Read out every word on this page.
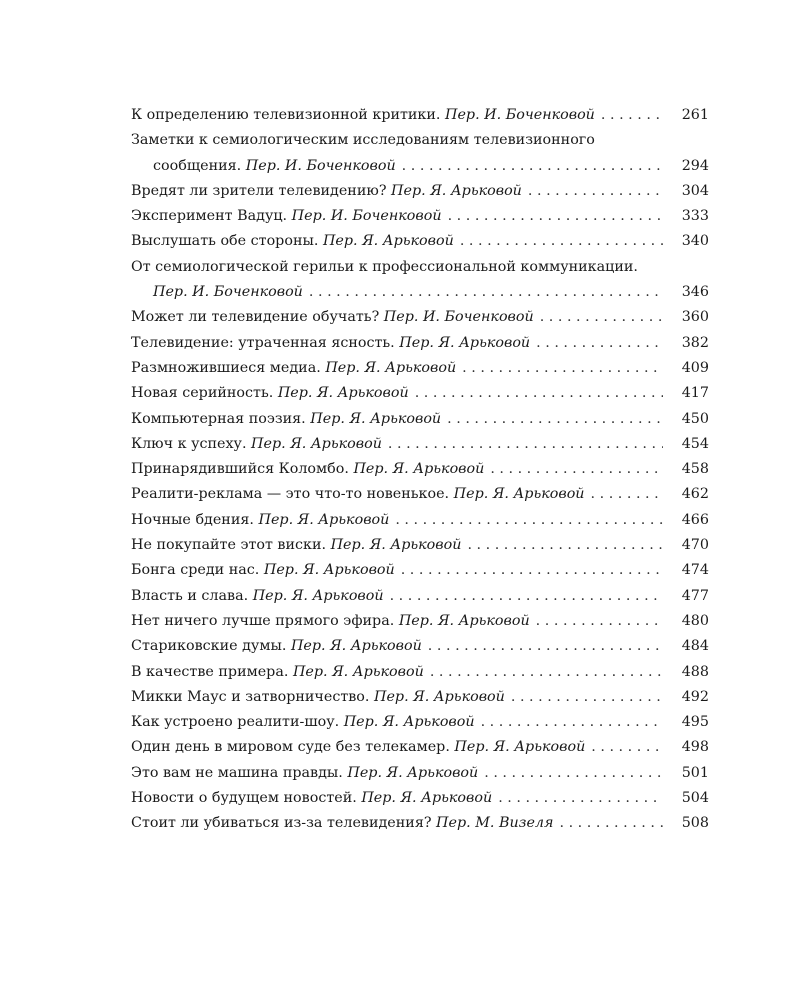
К определению телевизионной критики.
Пер. И. Боченковой . . .	261
Заметки к семиологическим исследованиям телевизионного
сообщения.
Пер. И. Боченковой . . .	294
Вредят ли зрители телевидению?
Пер. Я. Арьковой . . .	304
Эксперимент Вадуц.
Пер. И. Боченковой . . .	333
Выслушать обе стороны.
Пер. Я. Арьковой . . .	340
От семиологической герильи к профессиональной коммуникации.
Пер. И. Боченковой . . .	346
Может ли телевидение обучать?
Пер. И. Боченковой . . .	360
Телевидение: утраченная ясность.
Пер. Я. Арьковой . . .	382
Размножившиеся медиа.
Пер. Я. Арьковой . . .	409
Новая серийность.
Пер. Я. Арьковой . . .	417
Компьютерная поэзия.
Пер. Я. Арьковой . . .	450
Ключ к успеху.
Пер. Я. Арьковой . . .	454
Принарядившийся Коломбо.
Пер. Я. Арьковой . . .	458
Реалити-реклама — это что-то новенькое.
Пер. Я. Арьковой . . .	462
Ночные бдения.
Пер. Я. Арьковой . . .	466
Не покупайте этот виски.
Пер. Я. Арьковой . . .	470
Бонга среди нас.
Пер. Я. Арьковой . . .	474
Власть и слава.
Пер. Я. Арьковой . . .	477
Нет ничего лучше прямого эфира.
Пер. Я. Арьковой . . .	480
Стариковские думы.
Пер. Я. Арьковой . . .	484
В качестве примера.
Пер. Я. Арьковой . . .	488
Микки Маус и затворничество.
Пер. Я. Арьковой . . .	492
Как устроено реалити-шоу.
Пер. Я. Арьковой . . .	495
Один день в мировом суде без телекамер.
Пер. Я. Арьковой . . .	498
Это вам не машина правды.
Пер. Я. Арьковой . . .	501
Новости о будущем новостей.
Пер. Я. Арьковой . . .	504
Стоит ли убиваться из-за телевидения?
Пер. М. Визеля . . .	508
